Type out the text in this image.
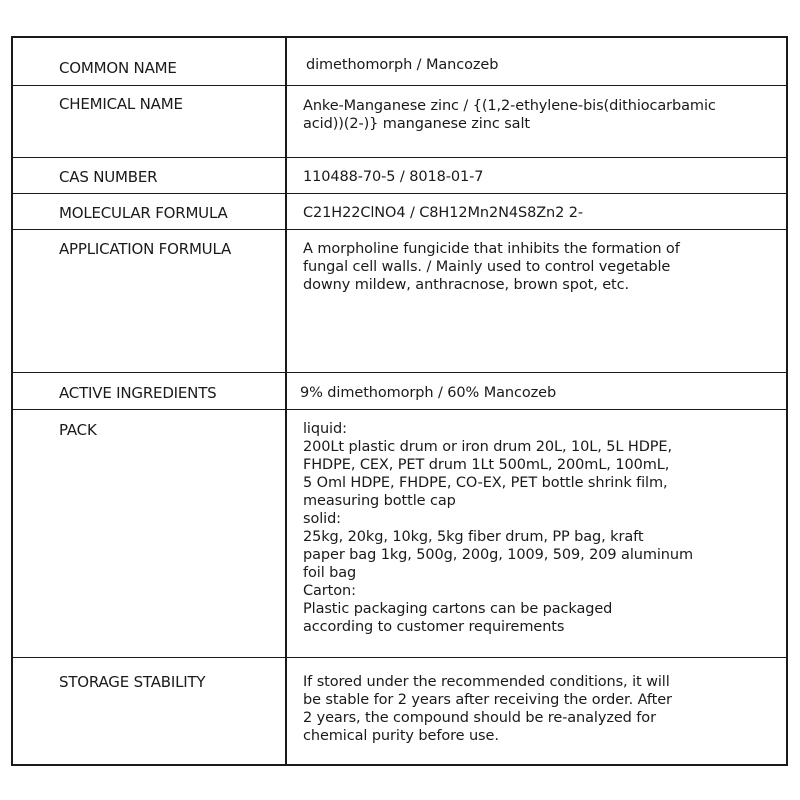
COMMON NAME	dimethomorph / Mancozeb
CHEMICAL NAME	Anke-Manganese zinc / {(1,2-ethylene-bis(dithiocarbamic
acid))(2-)} manganese zinc salt
CAS NUMBER	110488-70-5 / 8018-01-7
MOLECULAR FORMULA	C21H22ClNO4 / C8H12Mn2N4S8Zn2 2-
APPLICATION FORMULA	A morpholine fungicide that inhibits the formation of
fungal cell walls. / Mainly used to control vegetable
downy mildew, anthracnose, brown spot, etc.
ACTIVE INGREDIENTS	9% dimethomorph / 60% Mancozeb
PACK	liquid:
200Lt plastic drum or iron drum 20L, 10L, 5L HDPE,
FHDPE, CEX, PET drum 1Lt 500mL, 200mL, 100mL,
5 Oml HDPE, FHDPE, CO-EX, PET bottle shrink film,
measuring bottle cap
solid:
25kg, 20kg, 10kg, 5kg fiber drum, PP bag, kraft
paper bag 1kg, 500g, 200g, 1009, 509, 209 aluminum
foil bag
Carton:
Plastic packaging cartons can be packaged
according to customer requirements
STORAGE STABILITY	If stored under the recommended conditions, it will
be stable for 2 years after receiving the order. After
2 years, the compound should be re-analyzed for
chemical purity before use.
